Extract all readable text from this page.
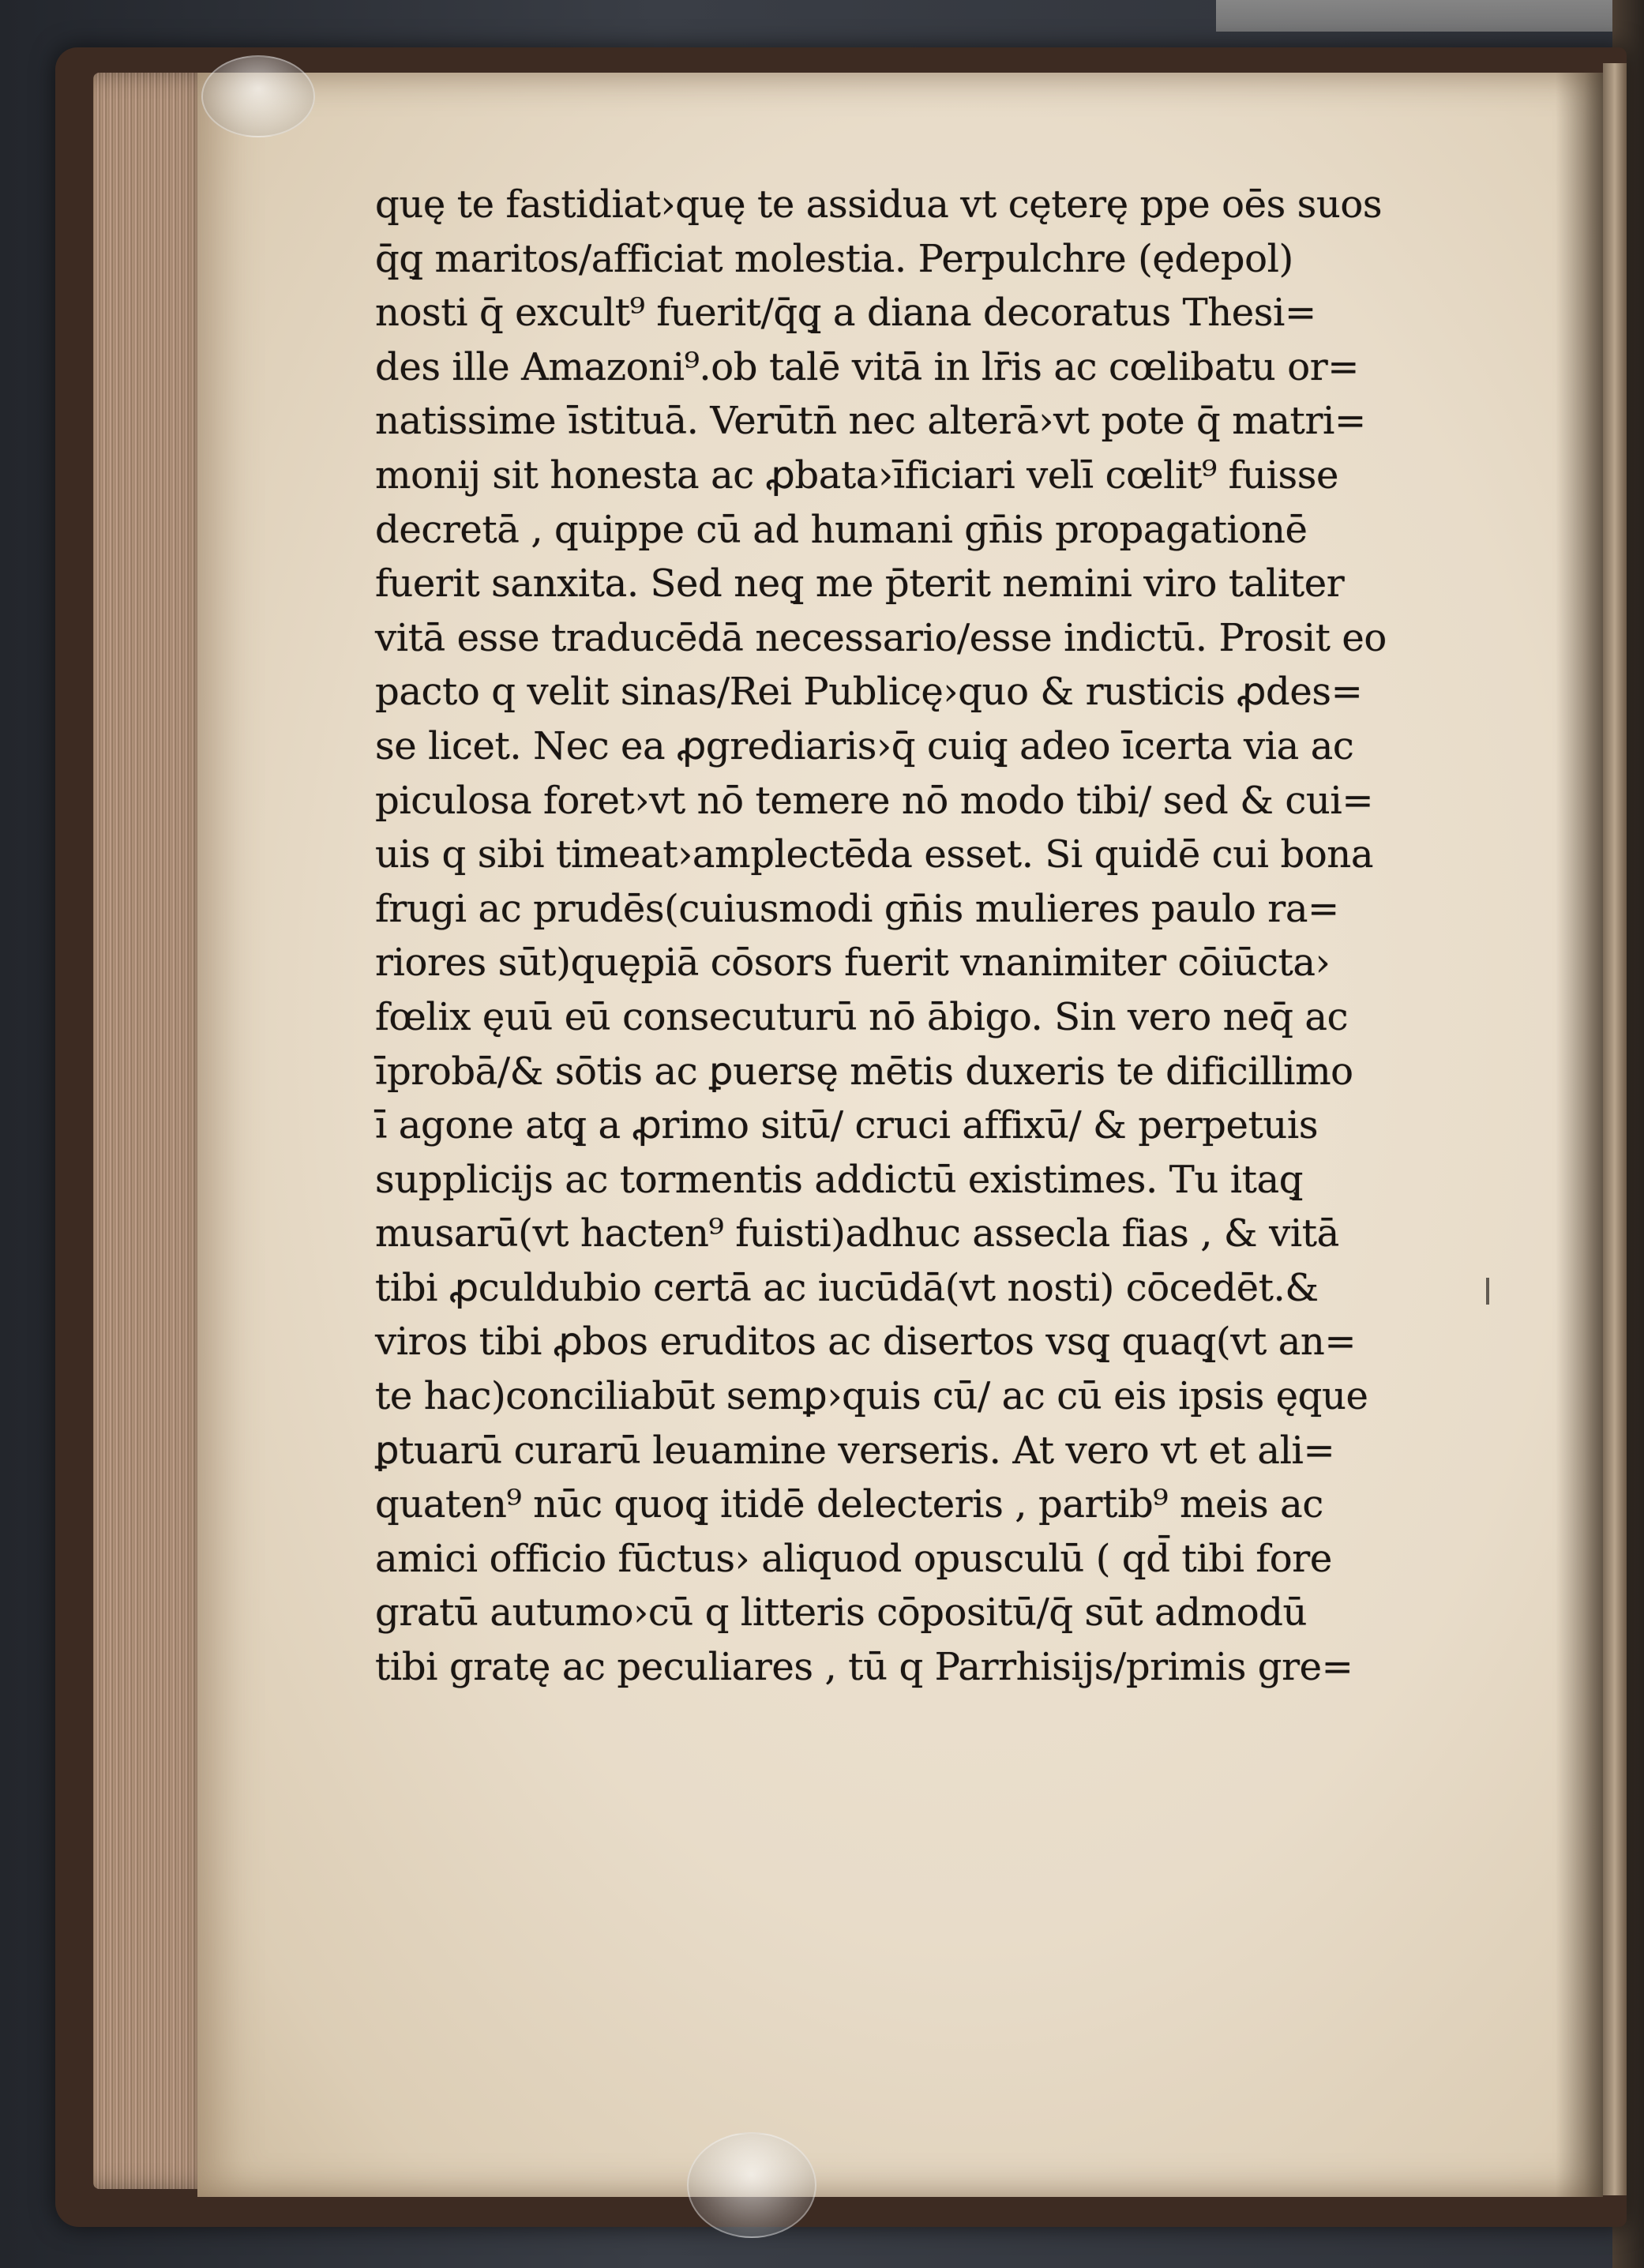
quę te fastidiat›quę te assidua vt cęterę ppe oēs suos
q̄q̧ maritos/afficiat molestia. Perpulchre (ędepol)
nosti q̄ excult⁹ fuerit/q̄q̧ a diana decoratus Thesi=
des ille Amazoni⁹.ob talē vitā in lr̄is ac cœlibatu or=
natissime īstituā. Verūtn̄ nec alterā›vt pote q̄ matri=
monij sit honesta ac ꝓbata›īficiari velī cœlit⁹ fuisse
decretā , quippe cū ad humani gn̄is propagationē
fuerit sanxita. Sed neq̧ me p̄terit nemini viro taliter
vitā esse traducēdā necessario/esse indictū. Prosit eo
pacto q velit sinas/Rei Publicę›quo & rusticis ꝓdes=
se licet. Nec ea ꝓgrediaris›q̄ cuiq̧ adeo īcerta via ac
piculosa foret›vt nō temere nō modo tibi/ sed & cui=
uis q sibi timeat›amplectēda esset. Si quidē cui bona
frugi ac prudēs(cuiusmodi gn̄is mulieres paulo ra=
riores sūt)quępiā cōsors fuerit vnanimiter cōiūcta›
fœlix ęuū eū consecuturū nō ābigo. Sin vero neq̄ ac
īprobā/& sōtis ac ꝑuersę mētis duxeris te dificillimo
ī agone atq̧ a ꝓrimo sitū/ cruci affixū/ & perpetuis
supplicijs ac tormentis addictū existimes. Tu itaq̧
musarū(vt hacten⁹ fuisti)adhuc assecla fias , & vitā
tibi ꝓculdubio certā ac iucūdā(vt nosti) cōcedēt.&
viros tibi ꝓbos eruditos ac disertos vsq̧ quaq̧(vt an=
te hac)conciliabūt semꝑ›quis cū/ ac cū eis ipsis ęque
ꝑtuarū curarū leuamine verseris. At vero vt et ali=
quaten⁹ nūc quoq̧ itidē delecteris , partib⁹ meis ac
amici officio fūctus› aliquod opusculū ( qd̄ tibi fore
gratū autumo›cū q litteris cōpositū/q̄ sūt admodū
tibi gratę ac peculiares , tū q Parrhisijs/primis gre=
